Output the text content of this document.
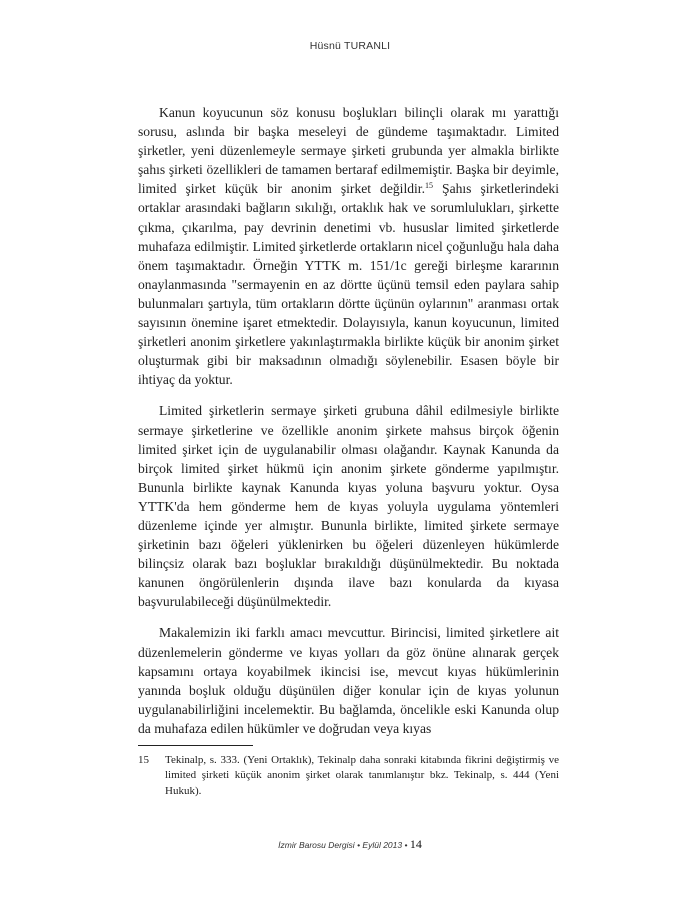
Hüsnü TURANLI

Kanun koyucunun söz konusu boşlukları bilinçli olarak mı yarattığı sorusu, aslında bir başka meseleyi de gündeme taşımaktadır. Limited şirketler, yeni düzenlemeyle sermaye şirketi grubunda yer almakla birlikte şahıs şirketi özellikleri de tamamen bertaraf edilmemiştir. Başka bir deyimle, limited şirket küçük bir anonim şirket değildir.$^{15}$ Şahıs şirketlerindeki ortaklar arasındaki bağların sıkılığı, ortaklık hak ve sorumlulukları, şirkette çıkma, çıkarılma, pay devrinin denetimi vb. hususlar limited şirketlerde muhafaza edilmiştir. Limited şirketlerde ortakların nicel çoğunluğu hala daha önem taşımaktadır. Örneğin YTTK m. 151/1c gereği birleşme kararının onaylanmasında "sermayenin en az dörtte üçünü temsil eden paylara sahip bulunmaları şartıyla, tüm ortakların dörtte üçünün oylarının" aranması ortak sayısının önemine işaret etmektedir. Dolayısıyla, kanun koyucunun, limited şirketleri anonim şirketlere yakınlaştırmakla birlikte küçük bir anonim şirket oluşturmak gibi bir maksadının olmadığı söylenebilir. Esasen böyle bir ihtiyaç da yoktur.

Limited şirketlerin sermaye şirketi grubuna dâhil edilmesiyle birlikte sermaye şirketlerine ve özellikle anonim şirkete mahsus birçok öğenin limited şirket için de uygulanabilir olması olağandır. Kaynak Kanunda da birçok limited şirket hükmü için anonim şirkete gönderme yapılmıştır. Bununla birlikte kaynak Kanunda kıyas yoluna başvuru yoktur. Oysa YTTK'da hem gönderme hem de kıyas yoluyla uygulama yöntemleri düzenleme içinde yer almıştır. Bununla birlikte, limited şirkete sermaye şirketinin bazı öğeleri yüklenirken bu öğeleri düzenleyen hükümlerde bilinçsiz olarak bazı boşluklar bırakıldığı düşünülmektedir. Bu noktada kanunen öngörülenlerin dışında ilave bazı konularda da kıyasa başvurulabileceği düşünülmektedir.

Makalemizin iki farklı amacı mevcuttur. Birincisi, limited şirketlere ait düzenlemelerin gönderme ve kıyas yolları da göz önüne alınarak gerçek kapsamını ortaya koyabilmek ikincisi ise, mevcut kıyas hükümlerinin yanında boşluk olduğu düşünülen diğer konular için de kıyas yolunun uygulanabilirliğini incelemektir. Bu bağlamda, öncelikle eski Kanunda olup da muhafaza edilen hükümler ve doğrudan veya kıyas

15 Tekinalp, s. 333. (Yeni Ortaklık), Tekinalp daha sonraki kitabında fikrini değiştirmiş ve limited şirketi küçük anonim şirket olarak tanımlanıştır bkz. Tekinalp, s. 444 (Yeni Hukuk).
İzmir Barosu Dergisi • Eylül 2013 • 14
